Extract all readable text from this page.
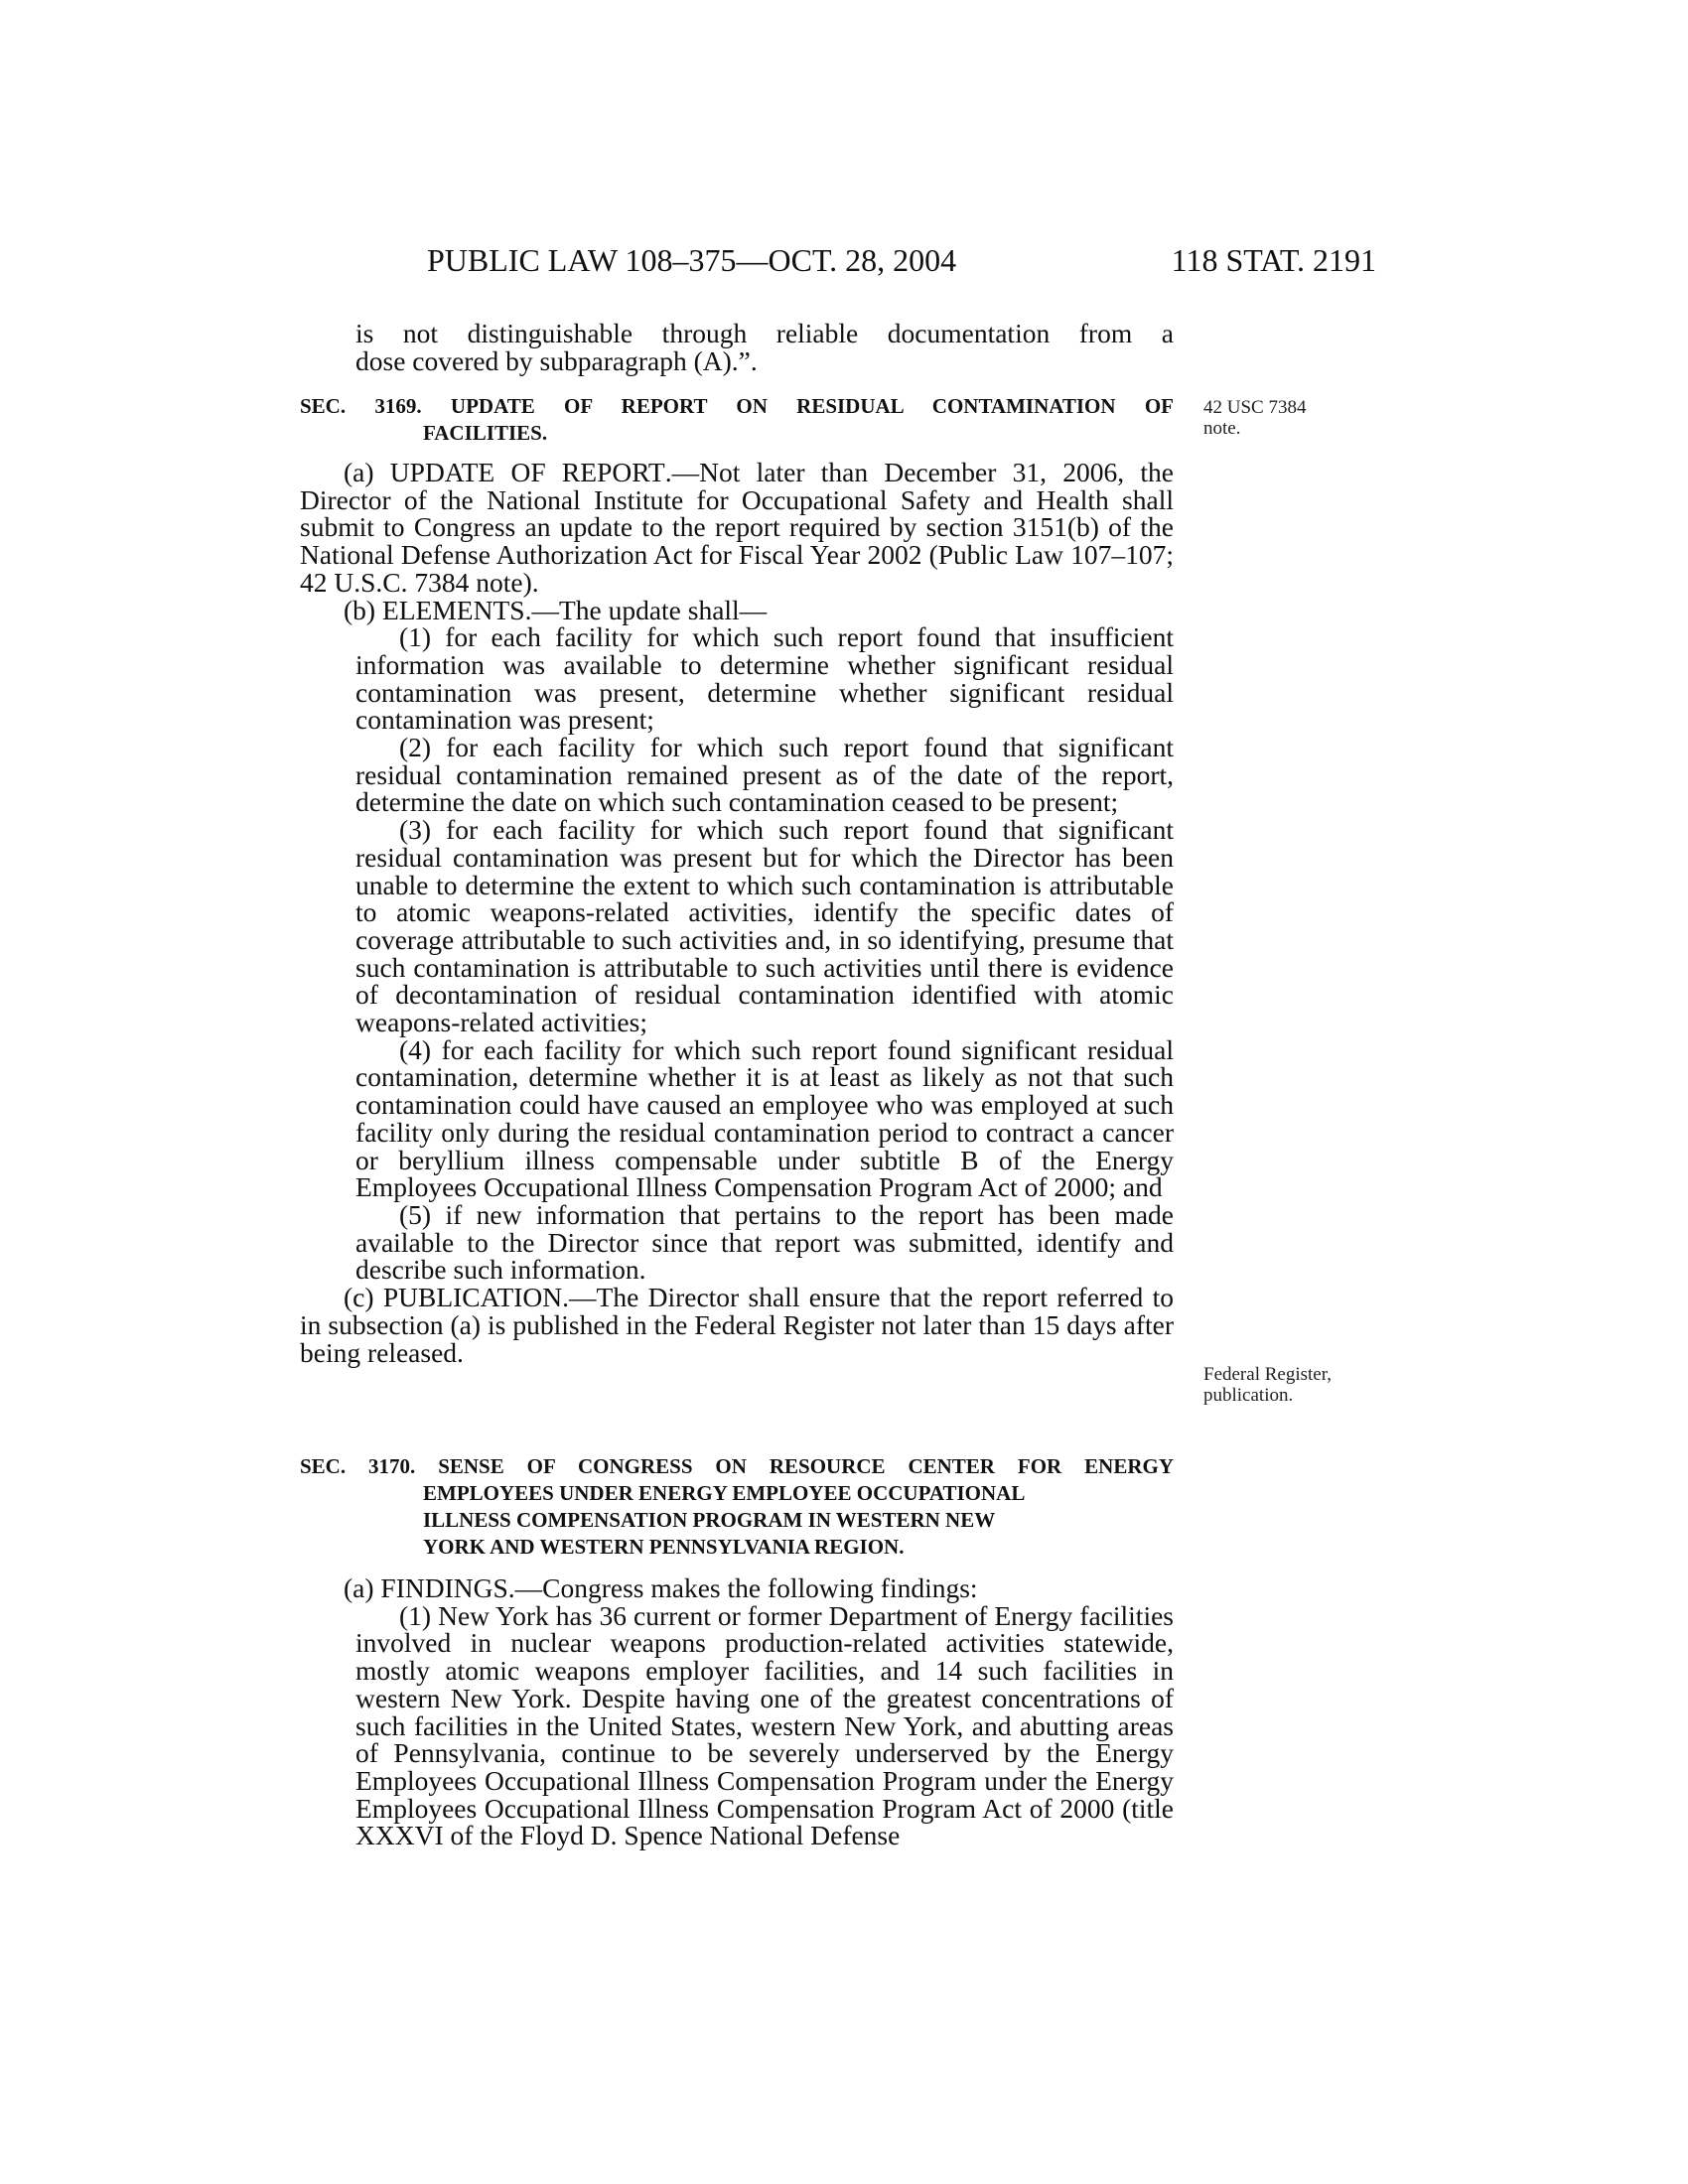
PUBLIC LAW 108–375—OCT. 28, 2004	118 STAT. 2191

is not distinguishable through reliable documentation from a

dose covered by subparagraph (A).”.

SEC. 3169. UPDATE OF REPORT ON RESIDUAL CONTAMINATION OF
FACILITIES.
42 USC 7384
note.

(a) UPDATE OF REPORT.—Not later than December 31, 2006, the Director of the National Institute for Occupational Safety and Health shall submit to Congress an update to the report required by section 3151(b) of the National Defense Authorization Act for Fiscal Year 2002 (Public Law 107–107; 42 U.S.C. 7384 note).

(b) ELEMENTS.—The update shall—

(1) for each facility for which such report found that insufficient information was available to determine whether significant residual contamination was present, determine whether significant residual contamination was present;

(2) for each facility for which such report found that significant residual contamination remained present as of the date of the report, determine the date on which such contamination ceased to be present;

(3) for each facility for which such report found that significant residual contamination was present but for which the Director has been unable to determine the extent to which such contamination is attributable to atomic weapons-related activities, identify the specific dates of coverage attributable to such activities and, in so identifying, presume that such contamination is attributable to such activities until there is evidence of decontamination of residual contamination identified with atomic weapons-related activities;

(4) for each facility for which such report found significant residual contamination, determine whether it is at least as likely as not that such contamination could have caused an employee who was employed at such facility only during the residual contamination period to contract a cancer or beryllium illness compensable under subtitle B of the Energy Employees Occupational Illness Compensation Program Act of 2000; and

(5) if new information that pertains to the report has been made available to the Director since that report was submitted, identify and describe such information.

(c) PUBLICATION.—The Director shall ensure that the report referred to in subsection (a) is published in the Federal Register not later than 15 days after being released.

Federal Register,
publication.
SEC. 3170. SENSE OF CONGRESS ON RESOURCE CENTER FOR ENERGY
EMPLOYEES UNDER ENERGY EMPLOYEE OCCUPATIONAL
ILLNESS COMPENSATION PROGRAM IN WESTERN NEW
YORK AND WESTERN PENNSYLVANIA REGION.

(a) FINDINGS.—Congress makes the following findings:

(1) New York has 36 current or former Department of Energy facilities involved in nuclear weapons production-related activities statewide, mostly atomic weapons employer facilities, and 14 such facilities in western New York. Despite having one of the greatest concentrations of such facilities in the United States, western New York, and abutting areas of Pennsylvania, continue to be severely underserved by the Energy Employees Occupational Illness Compensation Program under the Energy Employees Occupational Illness Compensation Program Act of 2000 (title XXXVI of the Floyd D. Spence National Defense
